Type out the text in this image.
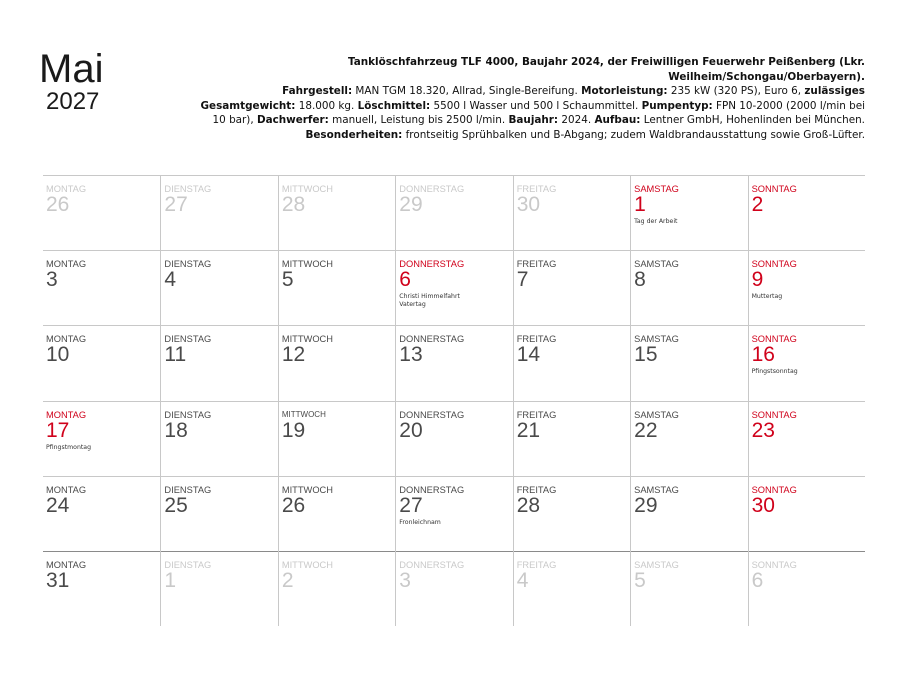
Mai
2027
Tanklöschfahrzeug TLF 4000, Baujahr 2024, der Freiwilligen Feuerwehr Peißenberg (Lkr. Weilheim/Schongau/Oberbayern).
Fahrgestell: MAN TGM 18.320, Allrad, Single-Bereifung. Motorleistung: 235 kW (320 PS), Euro 6, zulässiges Gesamtgewicht: 18.000 kg. Löschmittel: 5500 l Wasser und 500 l Schaummittel. Pumpentyp: FPN 10-2000 (2000 l/min bei 10 bar), Dachwerfer: manuell, Leistung bis 2500 l/min. Baujahr: 2024. Aufbau: Lentner GmbH, Hohenlinden bei München. Besonderheiten: frontseitig Sprühbalken und B-Abgang; zudem Waldbrandausstattung sowie Groß-Lüfter.
MONTAG
26
DIENSTAG
27
MITTWOCH
28
DONNERSTAG
29
FREITAG
30
SAMSTAG
1
Tag der Arbeit
SONNTAG
2
MONTAG
3
DIENSTAG
4
MITTWOCH
5
DONNERSTAG
6
Christi Himmelfahrt
Vatertag
FREITAG
7
SAMSTAG
8
SONNTAG
9
Muttertag
MONTAG
10
DIENSTAG
11
MITTWOCH
12
DONNERSTAG
13
FREITAG
14
SAMSTAG
15
SONNTAG
16
Pfingstsonntag
MONTAG
17
Pfingstmontag
DIENSTAG
18
MITTWOCH
19
DONNERSTAG
20
FREITAG
21
SAMSTAG
22
SONNTAG
23
MONTAG
24
DIENSTAG
25
MITTWOCH
26
DONNERSTAG
27
Fronleichnam
FREITAG
28
SAMSTAG
29
SONNTAG
30
MONTAG
31
DIENSTAG
1
MITTWOCH
2
DONNERSTAG
3
FREITAG
4
SAMSTAG
5
SONNTAG
6
